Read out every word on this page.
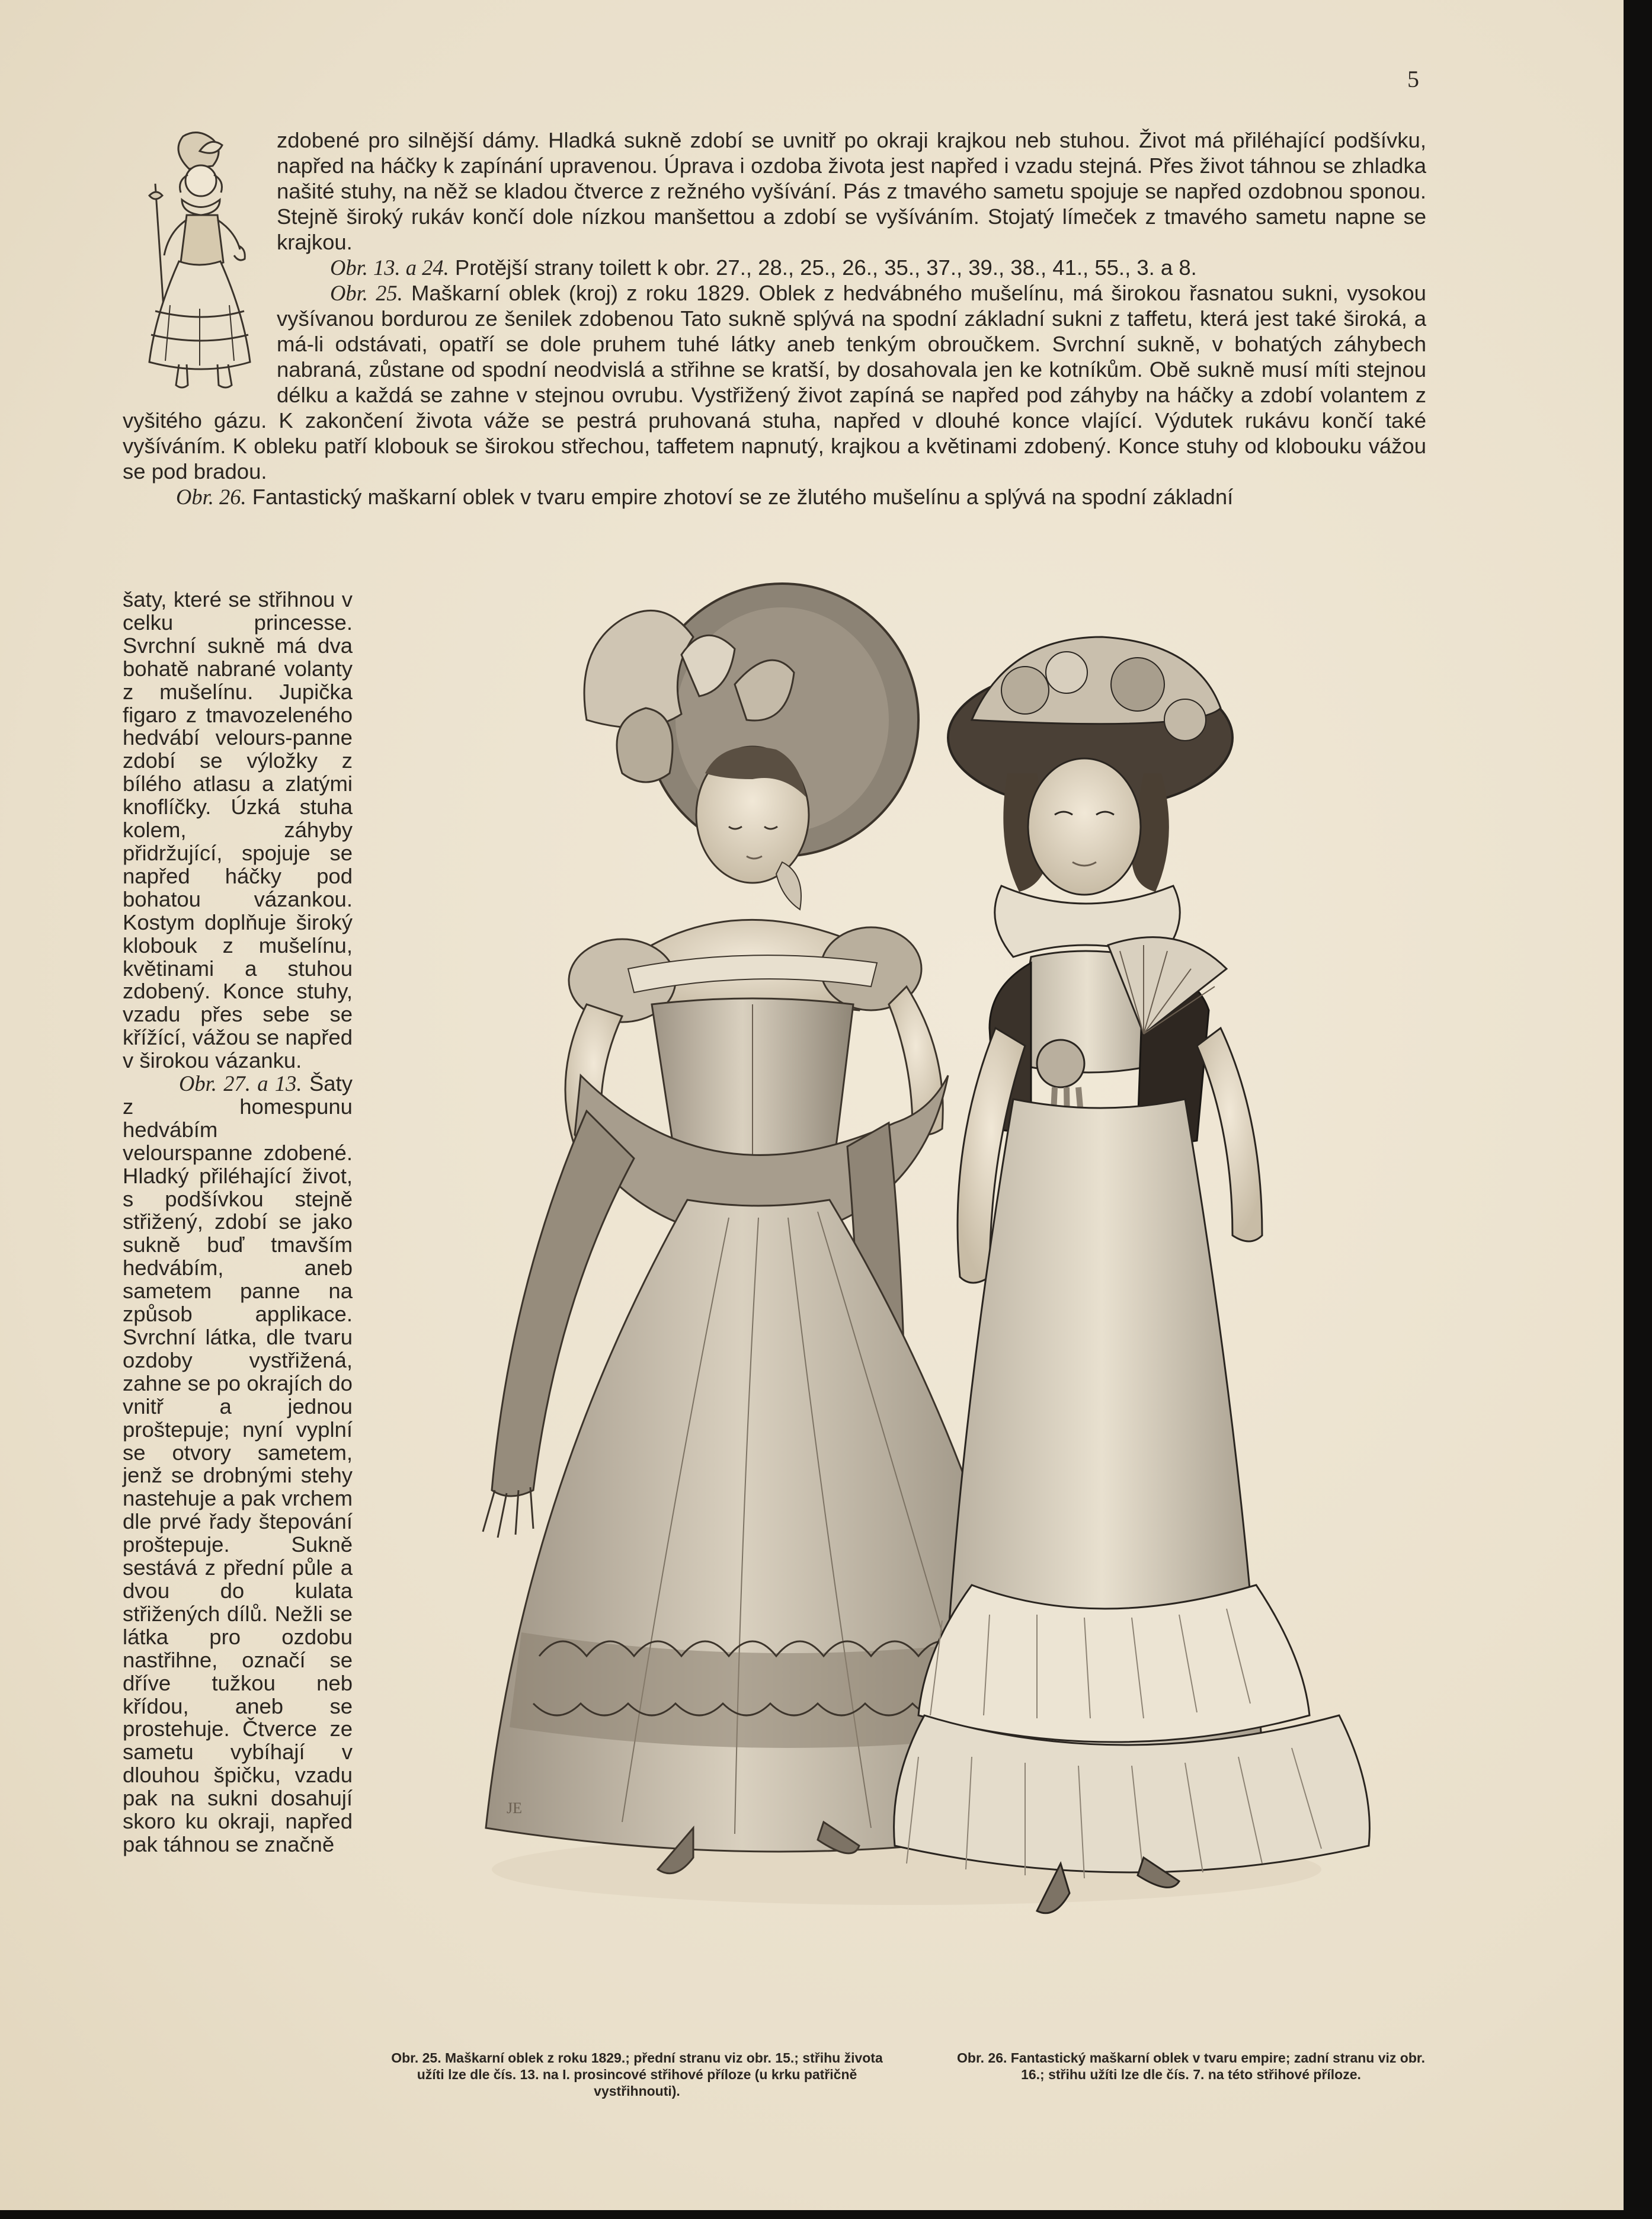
5

zdobené pro silnější dámy. Hladká sukně zdobí se uvnitř po okraji krajkou neb stuhou. Život má přiléhající podšívku, napřed na háčky k zapínání upravenou. Úprava i ozdoba života jest napřed i vzadu stejná. Přes život táhnou se zhladka našité stuhy, na něž se kladou čtverce z režného vyšívání. Pás z tmavého sametu spojuje se napřed ozdobnou sponou. Stejně široký rukáv končí dole nízkou manšettou a zdobí se vyšíváním. Stojatý límeček z tmavého sametu napne se krajkou.

Obr. 13. a 24. Protější strany toilett k obr. 27., 28., 25., 26., 35., 37., 39., 38., 41., 55., 3. a 8.

Obr. 25. Maškarní oblek (kroj) z roku 1829. Oblek z hedvábného mušelínu, má širokou řasnatou sukni, vysokou vyšívanou bordurou ze šenilek zdobenou Tato sukně splývá na spodní základní sukni z taffetu, která jest také široká, a má-li odstávati, opatří se dole pruhem tuhé látky aneb tenkým obroučkem. Svrchní sukně, v bohatých záhybech nabraná, zůstane od spodní neodvislá a střihne se kratší, by dosahovala jen ke kotníkům. Obě sukně musí míti stejnou délku a každá se zahne v stejnou ovrubu. Vystřižený život zapíná se napřed pod záhyby na háčky a zdobí volantem z vyšitého gázu. K zakončení života váže se pestrá pruhovaná stuha, napřed v dlouhé konce vlající. Výdutek rukávu končí také vyšíváním. K obleku patří klobouk se širokou střechou, taffetem napnutý, krajkou a květinami zdobený. Konce stuhy od klobouku vážou se pod bradou.

Obr. 26. Fantastický maškarní oblek v tvaru empire zhotoví se ze žlutého mušelínu a splývá na spodní základní

šaty, které se střihnou v celku princesse. Svrchní sukně má dva bohatě nabrané volanty z mušelínu. Jupička figaro z tmavozeleného hedvábí velours-panne zdobí se výložky z bílého atlasu a zlatými knoflíčky. Úzká stuha kolem, záhyby přidržující, spojuje se napřed háčky pod bohatou vázankou. Kostym doplňuje široký klobouk z mušelínu, květinami a stuhou zdobený. Konce stuhy, vzadu přes sebe se křížící, vážou se napřed v širokou vázanku.

Obr. 27. a 13. Šaty z homespunu hedvábím velourspanne zdobené. Hladký přiléhající život, s podšívkou stejně střižený, zdobí se jako sukně buď tmavším hedvábím, aneb sametem panne na způsob applikace. Svrchní látka, dle tvaru ozdoby vystřižená, zahne se po okrajích do vnitř a jednou proštepuje; nyní vyplní se otvory sametem, jenž se drobnými stehy nastehuje a pak vrchem dle prvé řady štepování proštepuje. Sukně sestává z přední půle a dvou do kulata střižených dílů. Nežli se látka pro ozdobu nastřihne, označí se dříve tužkou neb křídou, aneb se prostehuje. Čtverce ze sametu vybíhají v dlouhou špičku, vzadu pak na sukni dosahují skoro ku okraji, napřed pak táhnou se značně

JE
Obr. 25. Maškarní oblek z roku 1829.; přední stranu viz obr. 15.; střihu života užíti lze dle čís. 13. na I. prosincové střihové příloze (u krku patřičně vystřihnouti).
Obr. 26. Fantastický maškarní oblek v tvaru empire; zadní stranu viz obr. 16.; střihu užíti lze dle čís. 7. na této střihové příloze.
